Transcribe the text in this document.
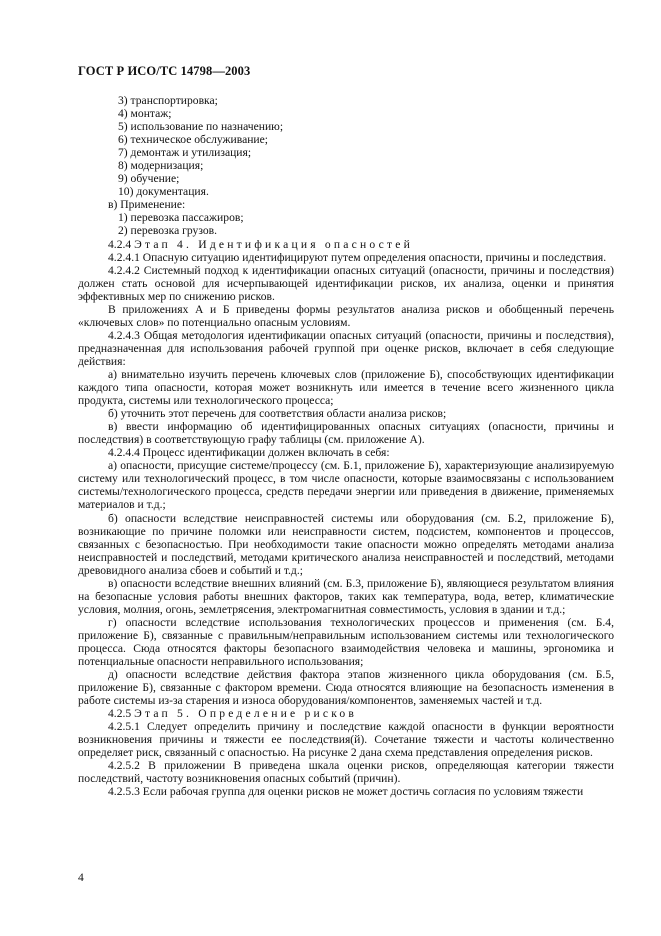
ГОСТ Р ИСО/ТС 14798—2003
3) транспортировка;
4) монтаж;
5) использование по назначению;
6) техническое обслуживание;
7) демонтаж и утилизация;
8) модернизация;
9) обучение;
10) документация.
в) Применение:
1) перевозка пассажиров;
2) перевозка грузов.
4.2.4 Этап 4. Идентификация опасностей

4.2.4.1 Опасную ситуацию идентифицируют путем определения опасности, причины и последствия.

4.2.4.2 Системный подход к идентификации опасных ситуаций (опасности, причины и последствия) должен стать основой для исчерпывающей идентификации рисков, их анализа, оценки и принятия эффективных мер по снижению рисков.

В приложениях А и Б приведены формы результатов анализа рисков и обобщенный перечень «ключевых слов» по потенциально опасным условиям.

4.2.4.3 Общая методология идентификации опасных ситуаций (опасности, причины и последствия), предназначенная для использования рабочей группой при оценке рисков, включает в себя следующие действия:

а) внимательно изучить перечень ключевых слов (приложение Б), способствующих идентификации каждого типа опасности, которая может возникнуть или имеется в течение всего жизненного цикла продукта, системы или технологического процесса;

б) уточнить этот перечень для соответствия области анализа рисков;

в) ввести информацию об идентифицированных опасных ситуациях (опасности, причины и последствия) в соответствующую графу таблицы (см. приложение А).

4.2.4.4 Процесс идентификации должен включать в себя:

а) опасности, присущие системе/процессу (см. Б.1, приложение Б), характеризующие анализируемую систему или технологический процесс, в том числе опасности, которые взаимосвязаны с использованием системы/технологического процесса, средств передачи энергии или приведения в движение, применяемых материалов и т.д.;

б) опасности вследствие неисправностей системы или оборудования (см. Б.2, приложение Б), возникающие по причине поломки или неисправности систем, подсистем, компонентов и процессов, связанных с безопасностью. При необходимости такие опасности можно определять методами анализа неисправностей и последствий, методами критического анализа неисправностей и последствий, методами древовидного анализа сбоев и событий и т.д.;

в) опасности вследствие внешних влияний (см. Б.3, приложение Б), являющиеся результатом влияния на безопасные условия работы внешних факторов, таких как температура, вода, ветер, климатические условия, молния, огонь, землетрясения, электромагнитная совместимость, условия в здании и т.д.;

г) опасности вследствие использования технологических процессов и применения (см. Б.4, приложение Б), связанные с правильным/неправильным использованием системы или технологического процесса. Сюда относятся факторы безопасного взаимодействия человека и машины, эргономика и потенциальные опасности неправильного использования;

д) опасности вследствие действия фактора этапов жизненного цикла оборудования (см. Б.5, приложение Б), связанные с фактором времени. Сюда относятся влияющие на безопасность изменения в работе системы из-за старения и износа оборудования/компонентов, заменяемых частей и т.д.

4.2.5 Этап 5. Определение рисков

4.2.5.1 Следует определить причину и последствие каждой опасности в функции вероятности возникновения причины и тяжести ее последствия(й). Сочетание тяжести и частоты количественно определяет риск, связанный с опасностью. На рисунке 2 дана схема представления определения рисков.

4.2.5.2 В приложении В приведена шкала оценки рисков, определяющая категории тяжести последствий, частоту возникновения опасных событий (причин).

4.2.5.3 Если рабочая группа для оценки рисков не может достичь согласия по условиям тяжести

4
